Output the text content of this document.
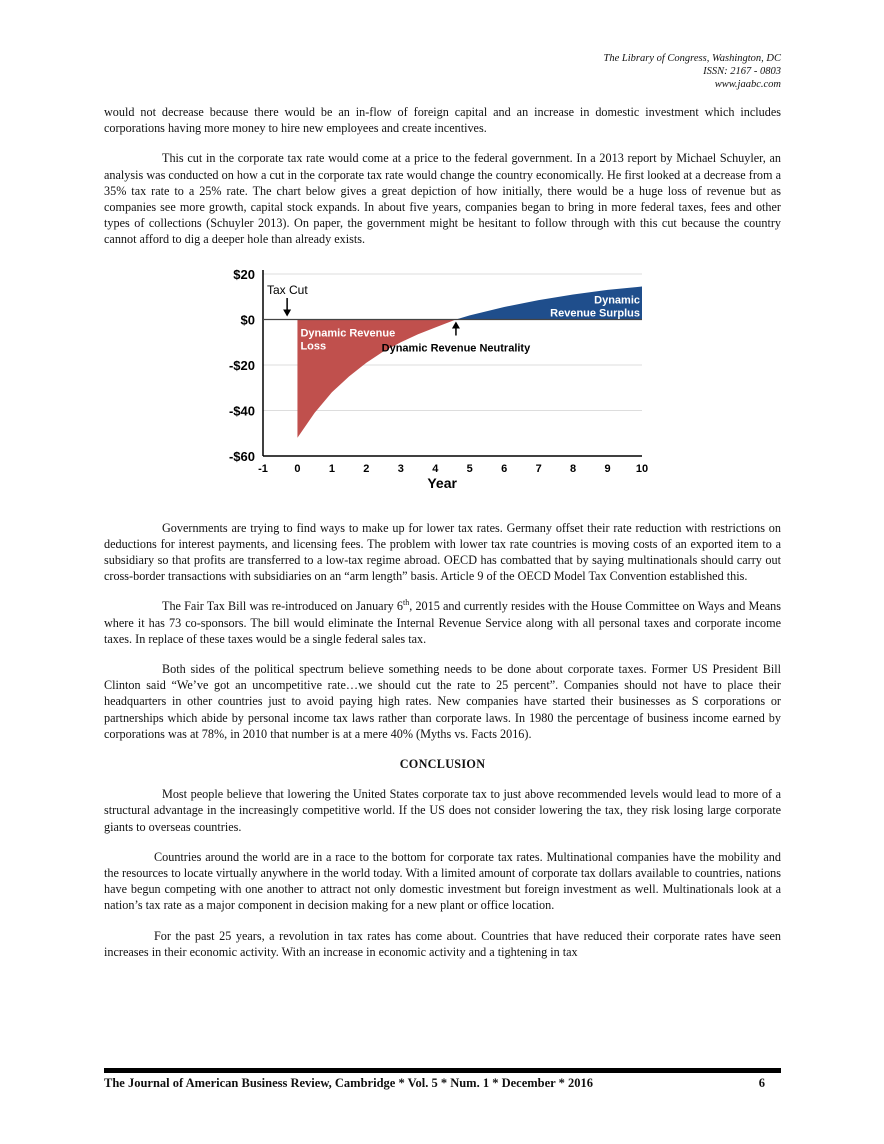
The Library of Congress, Washington, DC
ISSN: 2167 - 0803
www.jaabc.com

would not decrease because there would be an in-flow of foreign capital and an increase in domestic investment which includes corporations having more money to hire new employees and create incentives.

This cut in the corporate tax rate would come at a price to the federal government. In a 2013 report by Michael Schuyler, an analysis was conducted on how a cut in the corporate tax rate would change the country economically. He first looked at a decrease from a 35% tax rate to a 25% rate. The chart below gives a great depiction of how initially, there would be a huge loss of revenue but as companies see more growth, capital stock expands. In about five years, companies began to bring in more federal taxes, fees and other types of collections (Schuyler 2013). On paper, the government might be hesitant to follow through with this cut because the country cannot afford to dig a deeper hole than already exists.

$20
$0
-$20
-$40
-$60
-1 0	1	2	3	4	5	6	7	8	9 10
Year
Tax Cut
Dynamic Revenue
Loss	Dynamic Revenue Neutrality
Dynamic
Revenue Surplus

Governments are trying to find ways to make up for lower tax rates. Germany offset their rate reduction with restrictions on deductions for interest payments, and licensing fees. The problem with lower tax rate countries is moving costs of an exported item to a subsidiary so that profits are transferred to a low-tax regime abroad. OECD has combatted that by saying multinationals should carry out cross-border transactions with subsidiaries on an “arm length” basis. Article 9 of the OECD Model Tax Convention established this.

The Fair Tax Bill was re-introduced on January 6th, 2015 and currently resides with the House Committee on Ways and Means where it has 73 co-sponsors. The bill would eliminate the Internal Revenue Service along with all personal taxes and corporate income taxes. In replace of these taxes would be a single federal sales tax.

Both sides of the political spectrum believe something needs to be done about corporate taxes. Former US President Bill Clinton said “We’ve got an uncompetitive rate…we should cut the rate to 25 percent”. Companies should not have to place their headquarters in other countries just to avoid paying high rates. New companies have started their businesses as S corporations or partnerships which abide by personal income tax laws rather than corporate laws. In 1980 the percentage of business income earned by corporations was at 78%, in 2010 that number is at a mere 40% (Myths vs. Facts 2016).

CONCLUSION

Most people believe that lowering the United States corporate tax to just above recommended levels would lead to more of a structural advantage in the increasingly competitive world. If the US does not consider lowering the tax, they risk losing large corporate giants to overseas countries.

Countries around the world are in a race to the bottom for corporate tax rates. Multinational companies have the mobility and the resources to locate virtually anywhere in the world today. With a limited amount of corporate tax dollars available to countries, nations have begun competing with one another to attract not only domestic investment but foreign investment as well. Multinationals look at a nation’s tax rate as a major component in decision making for a new plant or office location.

For the past 25 years, a revolution in tax rates has come about. Countries that have reduced their corporate rates have seen increases in their economic activity. With an increase in economic activity and a tightening in tax

The Journal of American Business Review, Cambridge * Vol. 5 * Num. 1 * December * 2016	6
